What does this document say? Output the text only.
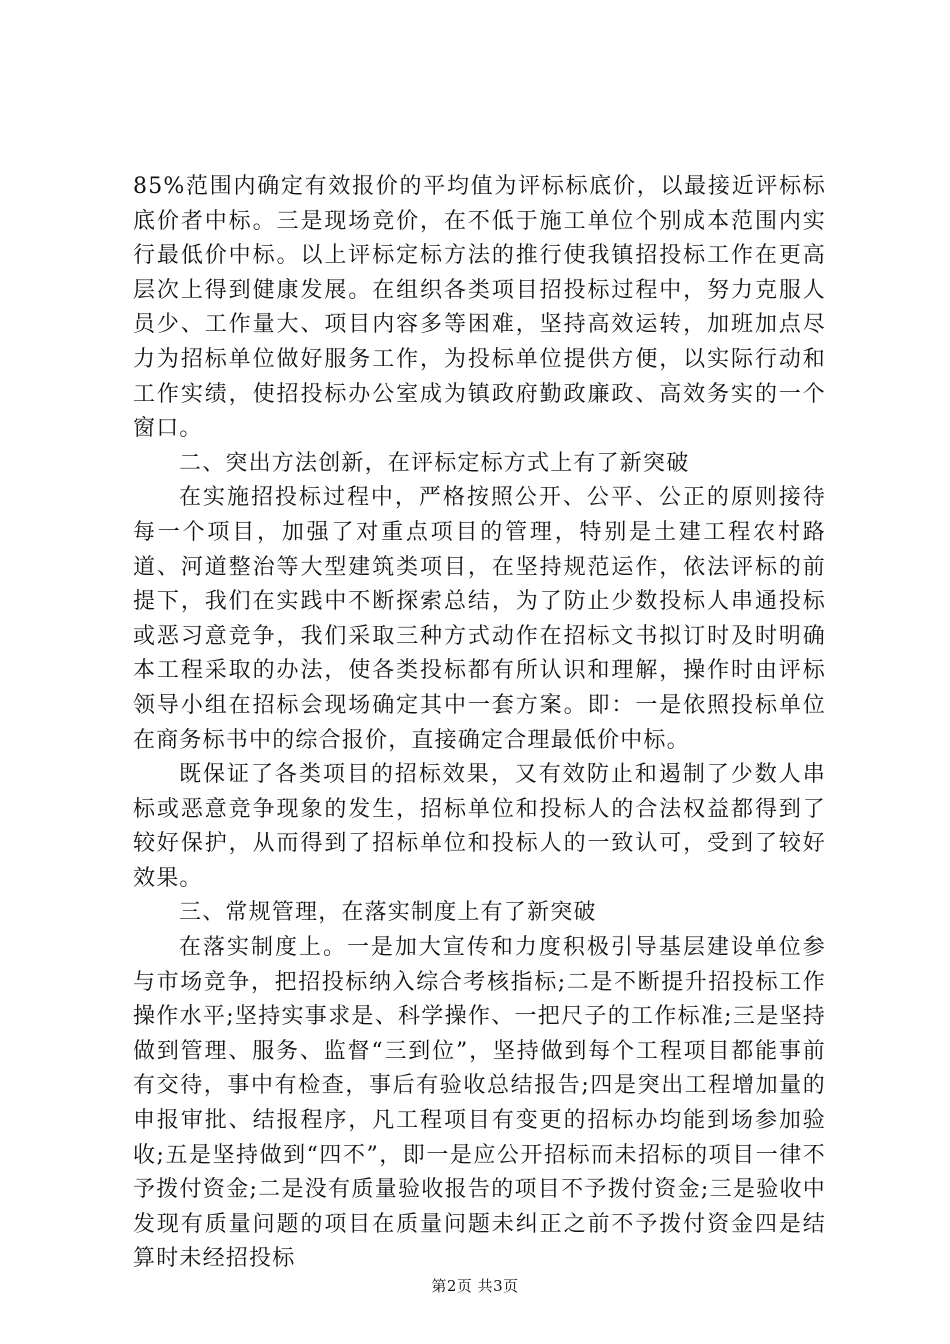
85%范围内确定有效报价的平均值为评标标底价，以最接近评标标底价者中标。三是现场竞价，在不低于施工单位个别成本范围内实行最低价中标。以上评标定标方法的推行使我镇招投标工作在更高层次上得到健康发展。在组织各类项目招投标过程中，努力克服人员少、工作量大、项目内容多等困难，坚持高效运转，加班加点尽力为招标单位做好服务工作，为投标单位提供方便，以实际行动和工作实绩，使招投标办公室成为镇政府勤政廉政、高效务实的一个窗口。

二、突出方法创新，在评标定标方式上有了新突破

在实施招投标过程中，严格按照公开、公平、公正的原则接待每一个项目，加强了对重点项目的管理，特别是土建工程农村路道、河道整治等大型建筑类项目，在坚持规范运作，依法评标的前提下，我们在实践中不断探索总结，为了防止少数投标人串通投标或恶习意竞争，我们采取三种方式动作在招标文书拟订时及时明确本工程采取的办法，使各类投标都有所认识和理解，操作时由评标领导小组在招标会现场确定其中一套方案。即：一是依照投标单位在商务标书中的综合报价，直接确定合理最低价中标。

既保证了各类项目的招标效果，又有效防止和遏制了少数人串标或恶意竞争现象的发生，招标单位和投标人的合法权益都得到了较好保护，从而得到了招标单位和投标人的一致认可，受到了较好效果。

三、常规管理，在落实制度上有了新突破

在落实制度上。一是加大宣传和力度积极引导基层建设单位参与市场竞争，把招投标纳入综合考核指标;二是不断提升招投标工作操作水平;坚持实事求是、科学操作、一把尺子的工作标准;三是坚持做到管理、服务、监督“三到位”，坚持做到每个工程项目都能事前有交待，事中有检查，事后有验收总结报告;四是突出工程增加量的申报审批、结报程序，凡工程项目有变更的招标办均能到场参加验收;五是坚持做到“四不”，即一是应公开招标而未招标的项目一律不予拨付资金;二是没有质量验收报告的项目不予拨付资金;三是验收中发现有质量问题的项目在质量问题未纠正之前不予拨付资金四是结算时未经招投标

第2页 共3页
